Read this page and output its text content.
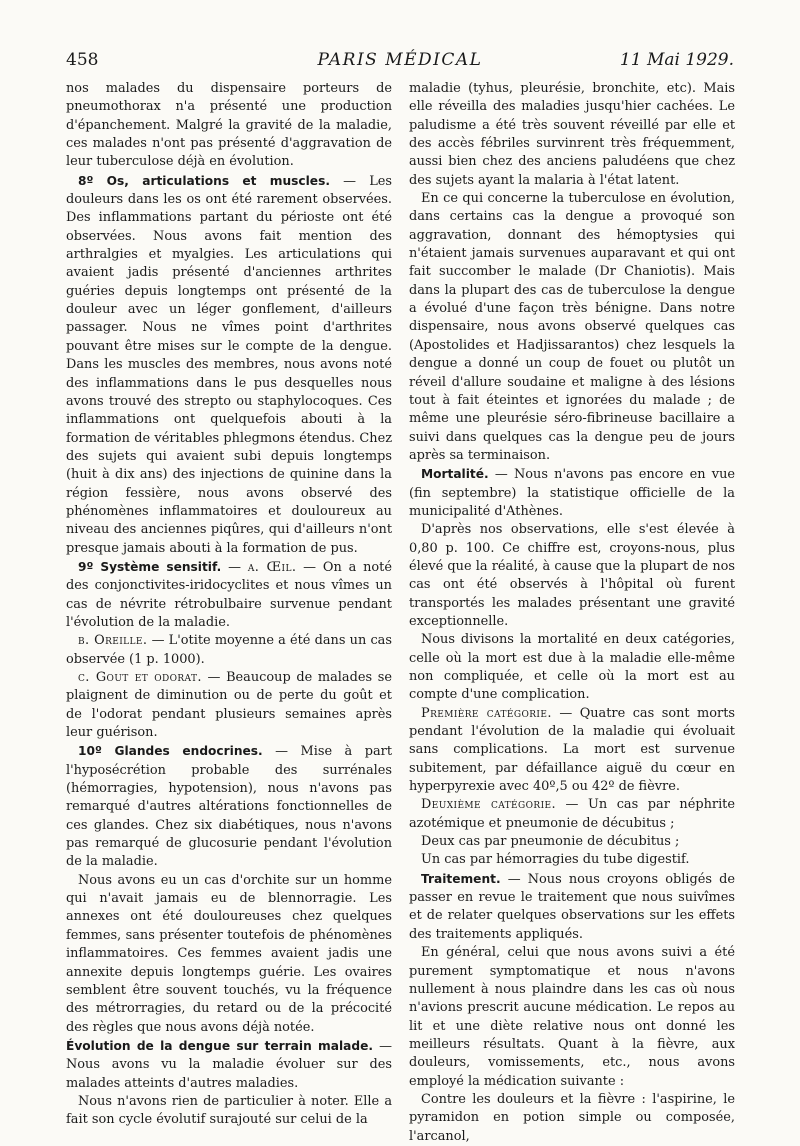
458	PARIS MÉDICAL	11 Mai 1929.

nos malades du dispensaire porteurs de pneumothorax n'a présenté une production d'épanchement. Malgré la gravité de la maladie, ces malades n'ont pas présenté d'aggravation de leur tuberculose déjà en évolution.

8º Os, articulations et muscles. — Les douleurs dans les os ont été rarement observées. Des inflammations partant du périoste ont été observées. Nous avons fait mention des arthralgies et myalgies. Les articulations qui avaient jadis présenté d'anciennes arthrites guéries depuis longtemps ont présenté de la douleur avec un léger gonflement, d'ailleurs passager. Nous ne vîmes point d'arthrites pouvant être mises sur le compte de la dengue. Dans les muscles des membres, nous avons noté des inflammations dans le pus desquelles nous avons trouvé des strepto ou staphylocoques. Ces inflammations ont quelquefois abouti à la formation de véritables phlegmons étendus. Chez des sujets qui avaient subi depuis longtemps (huit à dix ans) des injections de quinine dans la région fessière, nous avons observé des phénomènes inflammatoires et douloureux au niveau des anciennes piqûres, qui d'ailleurs n'ont presque jamais abouti à la formation de pus.

9º Système sensitif. — a. Œil. — On a noté des conjonctivites-iridocyclites et nous vîmes un cas de névrite rétrobulbaire survenue pendant l'évolution de la maladie.

b. Oreille. — L'otite moyenne a été dans un cas observée (1 p. 1000).

c. Gout et odorat. — Beaucoup de malades se plaignent de diminution ou de perte du goût et de l'odorat pendant plusieurs semaines après leur guérison.

10º Glandes endocrines. — Mise à part l'hyposécrétion probable des surrénales (hémorragies, hypotension), nous n'avons pas remarqué d'autres altérations fonctionnelles de ces glandes. Chez six diabétiques, nous n'avons pas remarqué de glucosurie pendant l'évolution de la maladie.

Nous avons eu un cas d'orchite sur un homme qui n'avait jamais eu de blennorragie. Les annexes ont été douloureuses chez quelques femmes, sans présenter toutefois de phénomènes inflammatoires. Ces femmes avaient jadis une annexite depuis longtemps guérie. Les ovaires semblent être souvent touchés, vu la fréquence des métrorragies, du retard ou de la précocité des règles que nous avons déjà notée.

Évolution de la dengue sur terrain malade. — Nous avons vu la maladie évoluer sur des malades atteints d'autres maladies.

Nous n'avons rien de particulier à noter. Elle a fait son cycle évolutif surajouté sur celui de la

maladie (tyhus, pleurésie, bronchite, etc). Mais elle réveilla des maladies jusqu'hier cachées. Le paludisme a été très souvent réveillé par elle et des accès fébriles survinrent très fréquemment, aussi bien chez des anciens paludéens que chez des sujets ayant la malaria à l'état latent.

En ce qui concerne la tuberculose en évolution, dans certains cas la dengue a provoqué son aggravation, donnant des hémoptysies qui n'étaient jamais survenues auparavant et qui ont fait succomber le malade (Dr Chaniotis). Mais dans la plupart des cas de tuberculose la dengue a évolué d'une façon très bénigne. Dans notre dispensaire, nous avons observé quelques cas (Apostolides et Hadjissarantos) chez lesquels la dengue a donné un coup de fouet ou plutôt un réveil d'allure soudaine et maligne à des lésions tout à fait éteintes et ignorées du malade ; de même une pleurésie séro-fibrineuse bacillaire a suivi dans quelques cas la dengue peu de jours après sa terminaison.

Mortalité. — Nous n'avons pas encore en vue (fin septembre) la statistique officielle de la municipalité d'Athènes.

D'après nos observations, elle s'est élevée à 0,80 p. 100. Ce chiffre est, croyons-nous, plus élevé que la réalité, à cause que la plupart de nos cas ont été observés à l'hôpital où furent transportés les malades présentant une gravité exceptionnelle.

Nous divisons la mortalité en deux catégories, celle où la mort est due à la maladie elle-même non compliquée, et celle où la mort est au compte d'une complication.

Première catégorie. — Quatre cas sont morts pendant l'évolution de la maladie qui évoluait sans complications. La mort est survenue subitement, par défaillance aiguë du cœur en hyperpyrexie avec 40º,5 ou 42º de fièvre.

Deuxième catégorie. — Un cas par néphrite azotémique et pneumonie de décubitus ;

Deux cas par pneumonie de décubitus ;

Un cas par hémorragies du tube digestif.

Traitement. — Nous nous croyons obligés de passer en revue le traitement que nous suivîmes et de relater quelques observations sur les effets des traitements appliqués.

En général, celui que nous avons suivi a été purement symptomatique et nous n'avons nullement à nous plaindre dans les cas où nous n'avions prescrit aucune médication. Le repos au lit et une diète relative nous ont donné les meilleurs résultats. Quant à la fièvre, aux douleurs, vomissements, etc., nous avons employé la médication suivante :

Contre les douleurs et la fièvre : l'aspirine, le pyramidon en potion simple ou composée, l'arcanol,
